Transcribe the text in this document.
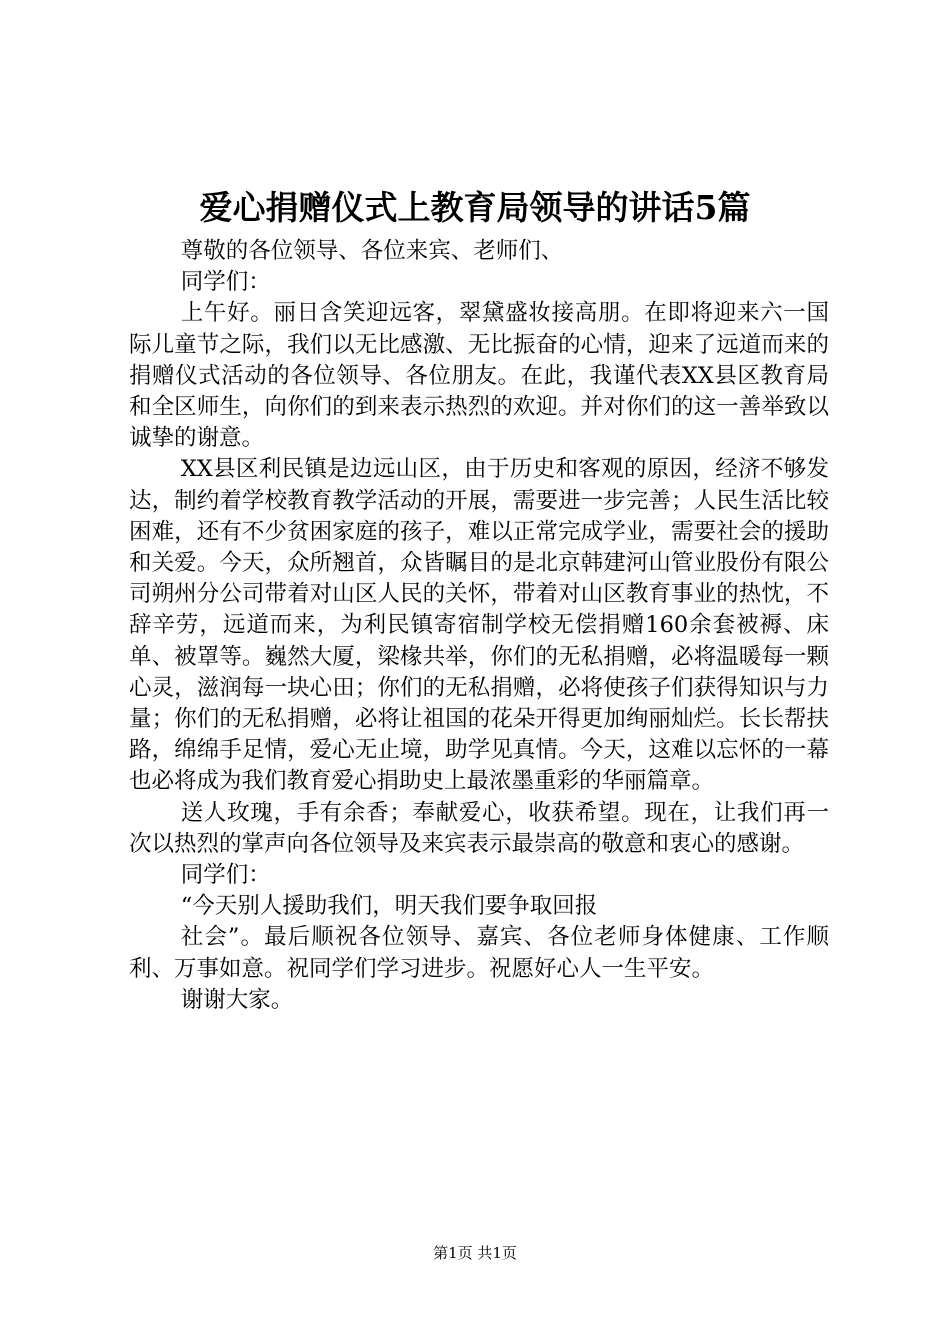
爱心捐赠仪式上教育局领导的讲话5篇

尊敬的各位领导、各位来宾、老师们、

同学们：

上午好。丽日含笑迎远客，翠黛盛妆接高朋。在即将迎来六一国际儿童节之际，我们以无比感激、无比振奋的心情，迎来了远道而来的捐赠仪式活动的各位领导、各位朋友。在此，我谨代表XX县区教育局和全区师生，向你们的到来表示热烈的欢迎。并对你们的这一善举致以诚挚的谢意。

XX县区利民镇是边远山区，由于历史和客观的原因，经济不够发达，制约着学校教育教学活动的开展，需要进一步完善；人民生活比较困难，还有不少贫困家庭的孩子，难以正常完成学业，需要社会的援助和关爱。今天，众所翘首，众皆瞩目的是北京韩建河山管业股份有限公司朔州分公司带着对山区人民的关怀，带着对山区教育事业的热忱，不辞辛劳，远道而来，为利民镇寄宿制学校无偿捐赠160余套被褥、床单、被罩等。巍然大厦，梁椽共举，你们的无私捐赠，必将温暖每一颗心灵，滋润每一块心田；你们的无私捐赠，必将使孩子们获得知识与力量；你们的无私捐赠，必将让祖国的花朵开得更加绚丽灿烂。长长帮扶路，绵绵手足情，爱心无止境，助学见真情。今天，这难以忘怀的一幕也必将成为我们教育爱心捐助史上最浓墨重彩的华丽篇章。

送人玫瑰，手有余香；奉献爱心，收获希望。现在，让我们再一次以热烈的掌声向各位领导及来宾表示最崇高的敬意和衷心的感谢。

同学们：

“今天别人援助我们，明天我们要争取回报

社会”。最后顺祝各位领导、嘉宾、各位老师身体健康、工作顺利、万事如意。祝同学们学习进步。祝愿好心人一生平安。

谢谢大家。

第1页 共1页
